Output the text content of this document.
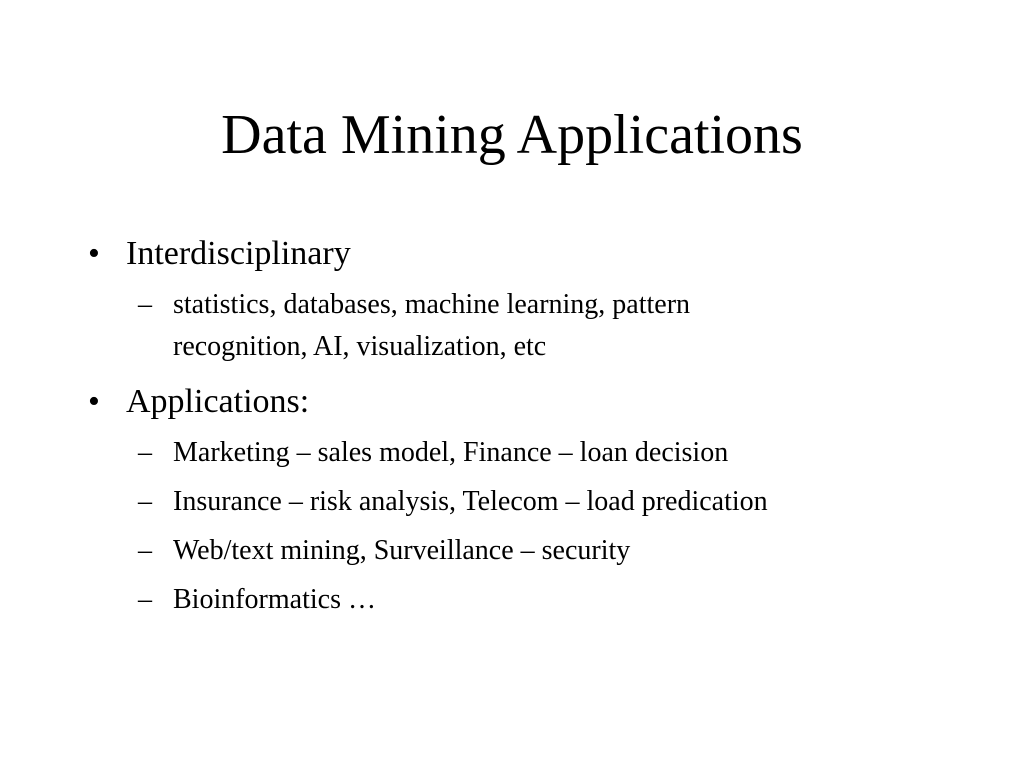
Data Mining Applications
• Interdisciplinary
– statistics, databases, machine learning, pattern
recognition, AI, visualization, etc
• Applications:
– Marketing – sales model, Finance – loan decision
– Insurance – risk analysis, Telecom – load predication
– Web/text mining, Surveillance – security
– Bioinformatics …
